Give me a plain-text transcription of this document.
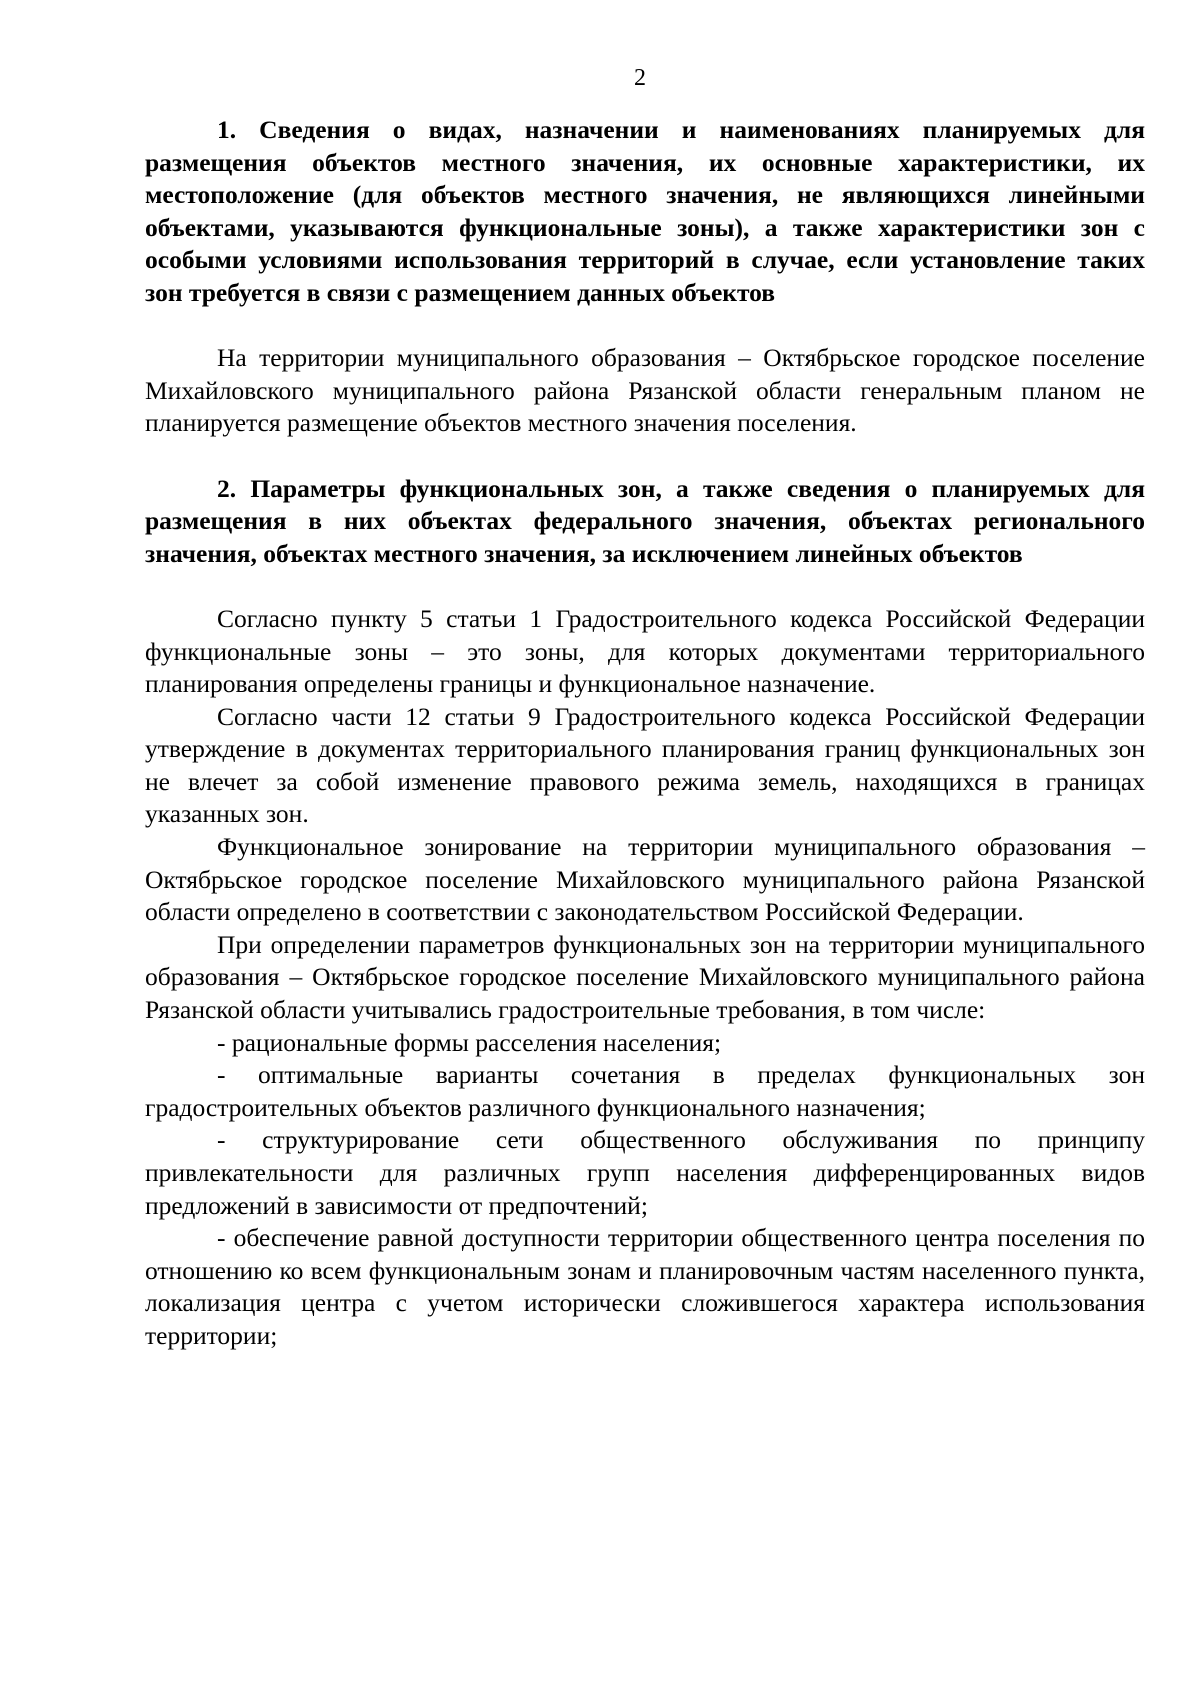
2

1. Сведения о видах, назначении и наименованиях планируемых для размещения объектов местного значения, их основные характеристики, их местоположение (для объектов местного значения, не являющихся линейными объектами, указываются функциональные зоны), а также характеристики зон с особыми условиями использования территорий в случае, если установление таких зон требуется в связи с размещением данных объектов

На территории муниципального образования – Октябрьское городское поселение Михайловского муниципального района Рязанской области генеральным планом не планируется размещение объектов местного значения поселения.

2. Параметры функциональных зон, а также сведения о планируемых для размещения в них объектах федерального значения, объектах регионального значения, объектах местного значения, за исключением линейных объектов

Согласно пункту 5 статьи 1 Градостроительного кодекса Российской Федерации функциональные зоны – это зоны, для которых документами территориального планирования определены границы и функциональное назначение.

Согласно части 12 статьи 9 Градостроительного кодекса Российской Федерации утверждение в документах территориального планирования границ функциональных зон не влечет за собой изменение правового режима земель, находящихся в границах указанных зон.

Функциональное зонирование на территории муниципального образования – Октябрьское городское поселение Михайловского муниципального района Рязанской области определено в соответствии с законодательством Российской Федерации.

При определении параметров функциональных зон на территории муниципального образования – Октябрьское городское поселение Михайловского муниципального района Рязанской области учитывались градостроительные требования, в том числе:

- рациональные формы расселения населения;

- оптимальные варианты сочетания в пределах функциональных зон градостроительных объектов различного функционального назначения;

- структурирование сети общественного обслуживания по принципу привлекательности для различных групп населения дифференцированных видов предложений в зависимости от предпочтений;

- обеспечение равной доступности территории общественного центра поселения по отношению ко всем функциональным зонам и планировочным частям населенного пункта, локализация центра с учетом исторически сложившегося характера использования территории;
